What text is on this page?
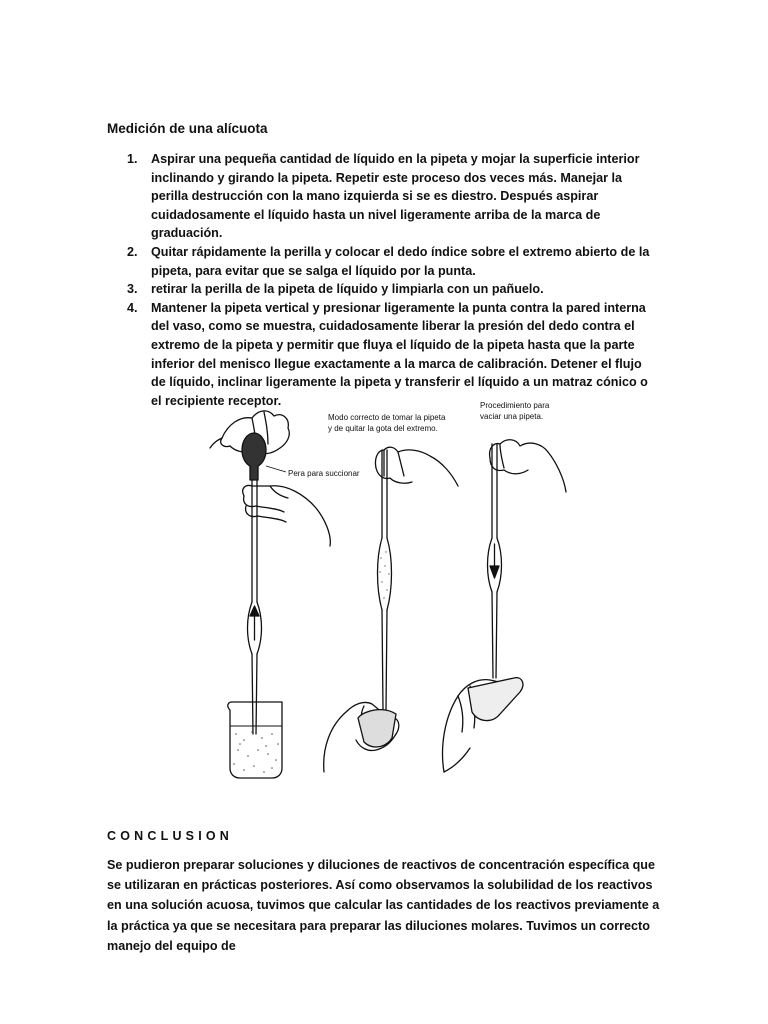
Medición de una alícuota
1. Aspirar una pequeña cantidad de líquido en la pipeta y mojar la superficie interior inclinando y girando la pipeta. Repetir este proceso dos veces más. Manejar la perilla destrucción con la mano izquierda si se es diestro. Después aspirar cuidadosamente el líquido hasta un nivel ligeramente arriba de la marca de graduación.
2. Quitar rápidamente la perilla y colocar el dedo índice sobre el extremo abierto de la pipeta, para evitar que se salga el líquido por la punta.
3. retirar la perilla de la pipeta de líquido y limpiarla con un pañuelo.
4. Mantener la pipeta vertical y presionar ligeramente la punta contra la pared interna del vaso, como se muestra, cuidadosamente liberar la presión del dedo contra el extremo de la pipeta y permitir que fluya el líquido de la pipeta hasta que la parte inferior del menisco llegue exactamente a la marca de calibración. Detener el flujo de líquido, inclinar ligeramente la pipeta y transferir el líquido a un matraz cónico o el recipiente receptor.
Pera para succionar
Modo correcto de tomar la pipeta
y de quitar la gota del extremo.
Procedimiento para
vaciar una pipeta.
CONCLUSION

Se pudieron preparar soluciones y diluciones de reactivos de concentración específica que se utilizaran en prácticas posteriores. Así como observamos la solubilidad de los reactivos en una solución acuosa, tuvimos que calcular las cantidades de los reactivos previamente a la práctica ya que se necesitara para preparar las diluciones molares. Tuvimos un correcto manejo del equipo de
